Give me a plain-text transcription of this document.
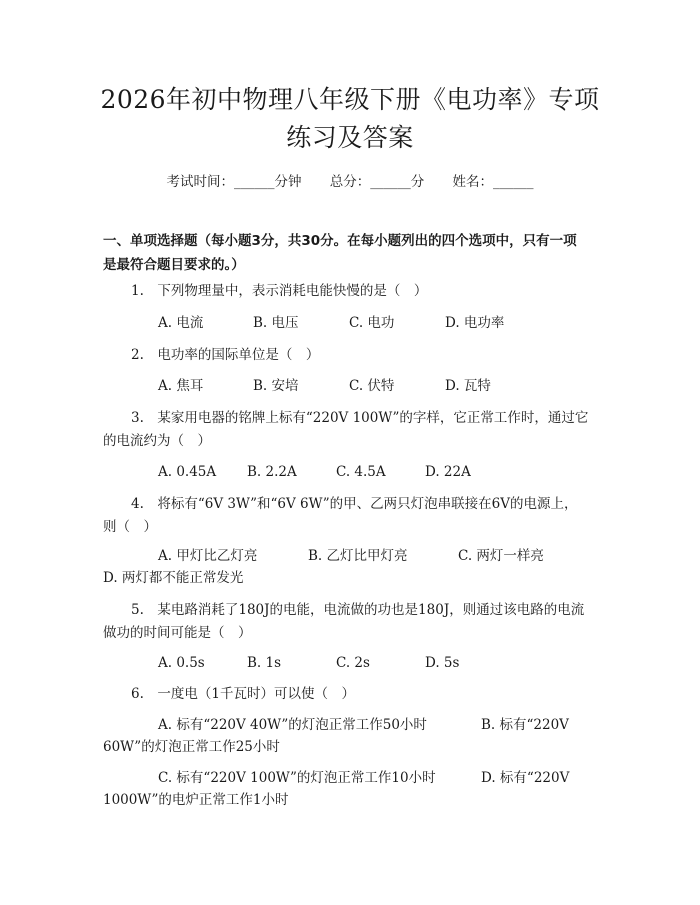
2026年初中物理八年级下册《电功率》专项
练习及答案
考试时间：______分钟 总分：______分 姓名：______
一、单项选择题（每小题3分，共30分。在每小题列出的四个选项中，只有一项
是最符合题目要求的。）
1.　下列物理量中，表示消耗电能快慢的是（　）
A. 电流	B. 电压	C. 电功	D. 电功率
2.　电功率的国际单位是（　）
A. 焦耳	B. 安培	C. 伏特	D. 瓦特
3.　某家用电器的铭牌上标有“220V 100W”的字样，它正常工作时，通过它
的电流约为（　）
A. 0.45A B. 2.2A	C. 4.5A	D. 22A
4.　将标有“6V 3W”和“6V 6W”的甲、乙两只灯泡串联接在6V的电源上，
则（　）
A. 甲灯比乙灯亮	B. 乙灯比甲灯亮	C. 两灯一样亮
D. 两灯都不能正常发光
5.　某电路消耗了180J的电能，电流做的功也是180J，则通过该电路的电流
做功的时间可能是（　）
A. 0.5s	B. 1s	C. 2s	D. 5s
6.　一度电（1千瓦时）可以使（　）
A. 标有“220V 40W”的灯泡正常工作50小时	B. 标有“220V
60W”的灯泡正常工作25小时
C. 标有“220V 100W”的灯泡正常工作10小时	D. 标有“220V
1000W”的电炉正常工作1小时
